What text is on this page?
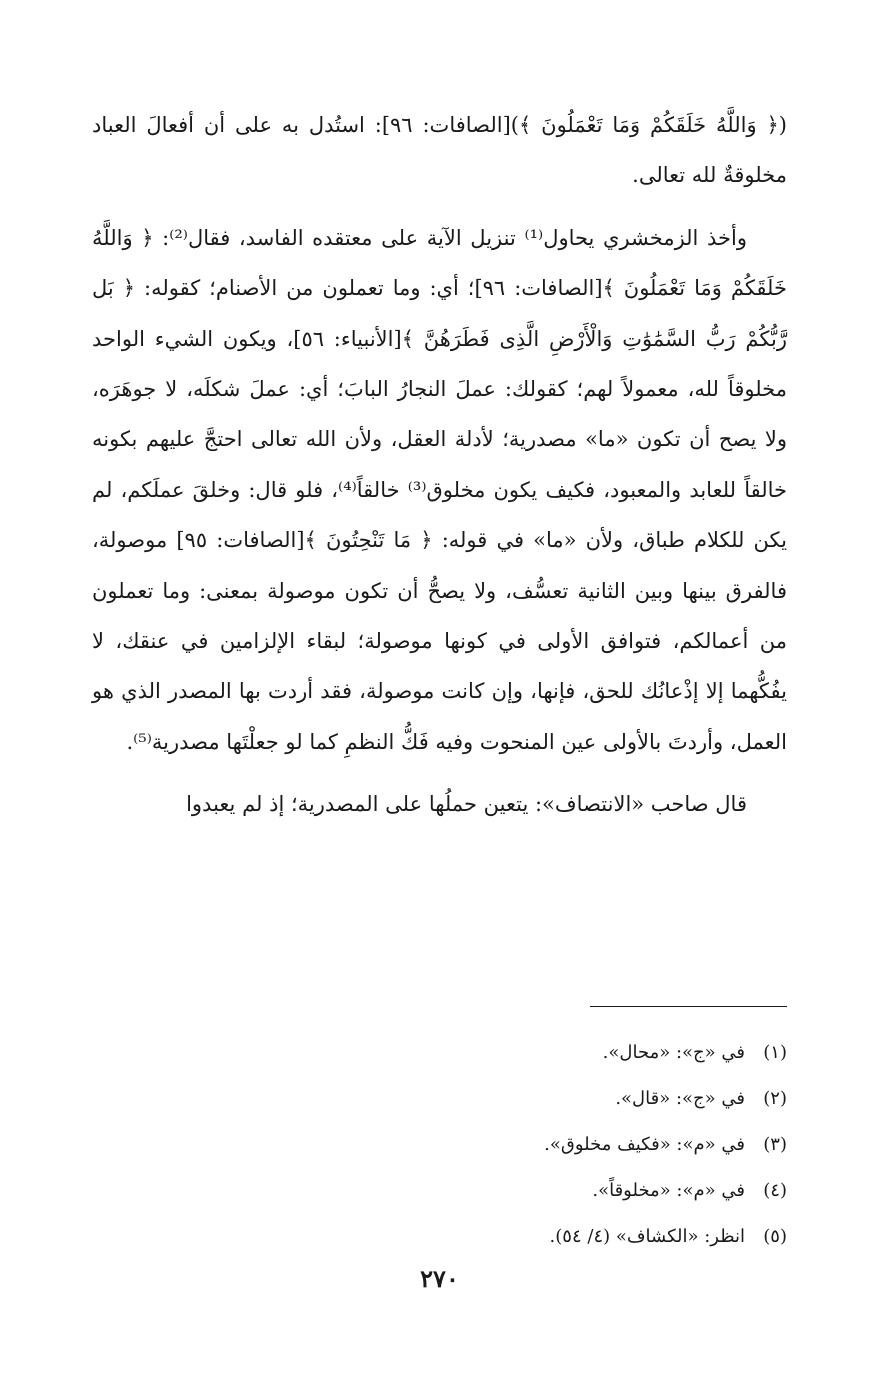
(﴿ وَاللَّهُ خَلَقَكُمْ وَمَا تَعْمَلُونَ ﴾)[الصافات: ٩٦]: استُدل به على أن أفعالَ العباد مخلوقةٌ لله تعالى.

وأخذ الزمخشري يحاول⁽¹⁾ تنزيل الآية على معتقده الفاسد، فقال⁽²⁾: ﴿ وَاللَّهُ خَلَقَكُمْ وَمَا تَعْمَلُونَ ﴾[الصافات: ٩٦]؛ أي: وما تعملون من الأصنام؛ كقوله: ﴿ بَل رَّبُّكُمْ رَبُّ السَّمَٰوَٰتِ وَالْأَرْضِ الَّذِى فَطَرَهُنَّ ﴾[الأنبياء: ٥٦]، ويكون الشيء الواحد مخلوقاً لله، معمولاً لهم؛ كقولك: عملَ النجارُ البابَ؛ أي: عملَ شكلَه، لا جوهَرَه، ولا يصح أن تكون «ما» مصدرية؛ لأدلة العقل، ولأن الله تعالى احتجَّ عليهم بكونه خالقاً للعابد والمعبود، فكيف يكون مخلوق⁽³⁾ خالقاً⁽⁴⁾، فلو قال: وخلقَ عملَكم، لم يكن للكلام طباق، ولأن «ما» في قوله: ﴿ مَا تَنْحِتُونَ ﴾[الصافات: ٩٥] موصولة، فالفرق بينها وبين الثانية تعسُّف، ولا يصحُّ أن تكون موصولة بمعنى: وما تعملون من أعمالكم، فتوافق الأولى في كونها موصولة؛ لبقاء الإلزامين في عنقك، لا يفُكُّهما إلا إذْعانُك للحق، فإنها، وإن كانت موصولة، فقد أردت بها المصدر الذي هو العمل، وأردتَ بالأولى عين المنحوت وفيه فَكُّ النظمِ كما لو جعلْتَها مصدرية⁽⁵⁾.

قال صاحب «الانتصاف»: يتعين حملُها على المصدرية؛ إذ لم يعبدوا

(١)
في «ج»: «محال».
(٢)
في «ج»: «قال».
(٣)
في «م»: «فكيف مخلوق».
(٤)
في «م»: «مخلوقاً».
(٥)
انظر: «الكشاف» (٤/ ٥٤).
٢٧٠
